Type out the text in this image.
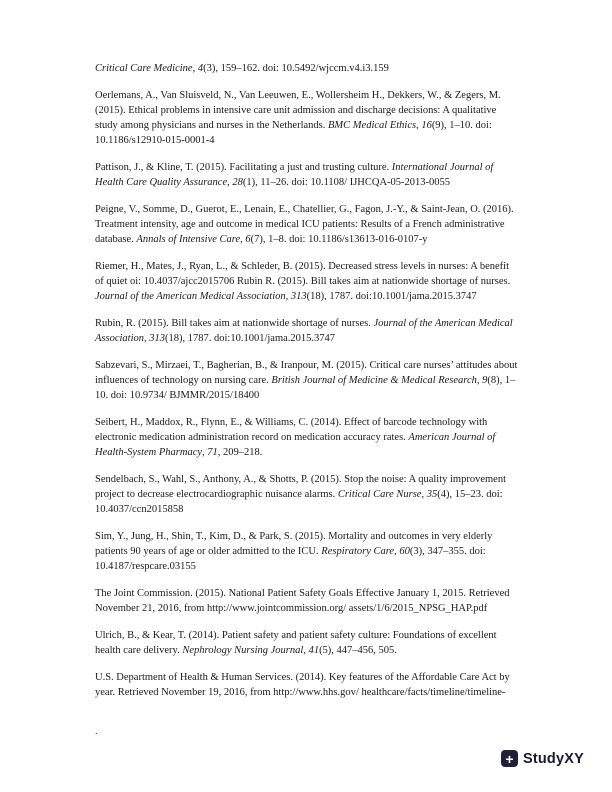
Critical Care Medicine, 4(3), 159–162. doi: 10.5492/wjccm.v4.i3.159

Oerlemans, A., Van Sluisveld, N., Van Leeuwen, E., Wollersheim H., Dekkers, W., & Zegers, M. (2015). Ethical problems in intensive care unit admission and discharge decisions: A qualitative study among physicians and nurses in the Netherlands. BMC Medical Ethics, 16(9), 1–10. doi: 10.1186/s12910-015-0001-4

Pattison, J., & Kline, T. (2015). Facilitating a just and trusting culture. International Journal of Health Care Quality Assurance, 28(1), 11–26. doi: 10.1108/ IJHCQA-05-2013-0055

Peigne, V., Somme, D., Guerot, E., Lenain, E., Chatellier, G., Fagon, J.-Y., & Saint-Jean, O. (2016). Treatment intensity, age and outcome in medical ICU patients: Results of a French administrative database. Annals of Intensive Care, 6(7), 1–8. doi: 10.1186/s13613-016-0107-y

Riemer, H., Mates, J., Ryan, L., & Schleder, B. (2015). Decreased stress levels in nurses: A benefit of quiet oi: 10.4037/ajcc2015706 Rubin R. (2015). Bill takes aim at nationwide shortage of nurses. Journal of the American Medical Association, 313(18), 1787. doi:10.1001/jama.2015.3747

Rubin, R. (2015). Bill takes aim at nationwide shortage of nurses. Journal of the American Medical Association, 313(18), 1787. doi:10.1001/jama.2015.3747

Sabzevari, S., Mirzaei, T., Bagherian, B., & Iranpour, M. (2015). Critical care nurses’ attitudes about influences of technology on nursing care. British Journal of Medicine & Medical Research, 9(8), 1–10. doi: 10.9734/ BJMMR/2015/18400

Seibert, H., Maddox, R., Flynn, E., & Williams, C. (2014). Effect of barcode technology with electronic medication administration record on medication accuracy rates. American Journal of Health-System Pharmacy, 71, 209–218.

Sendelbach, S., Wahl, S., Anthony, A., & Shotts, P. (2015). Stop the noise: A quality improvement project to decrease electrocardiographic nuisance alarms. Critical Care Nurse, 35(4), 15–23. doi: 10.4037/ccn2015858

Sim, Y., Jung, H., Shin, T., Kim, D., & Park, S. (2015). Mortality and outcomes in very elderly patients 90 years of age or older admitted to the ICU. Respiratory Care, 60(3), 347–355. doi: 10.4187/respcare.03155

The Joint Commission. (2015). National Patient Safety Goals Effective January 1, 2015. Retrieved November 21, 2016, from http://www.jointcommission.org/ assets/1/6/2015_NPSG_HAP.pdf

Ulrich, B., & Kear, T. (2014). Patient safety and patient safety culture: Foundations of excellent health care delivery. Nephrology Nursing Journal, 41(5), 447–456, 505.

U.S. Department of Health & Human Services. (2014). Key features of the Affordable Care Act by year. Retrieved November 19, 2016, from http://www.hhs.gov/ healthcare/facts/timeline/timeline-

.
+ Study XY
